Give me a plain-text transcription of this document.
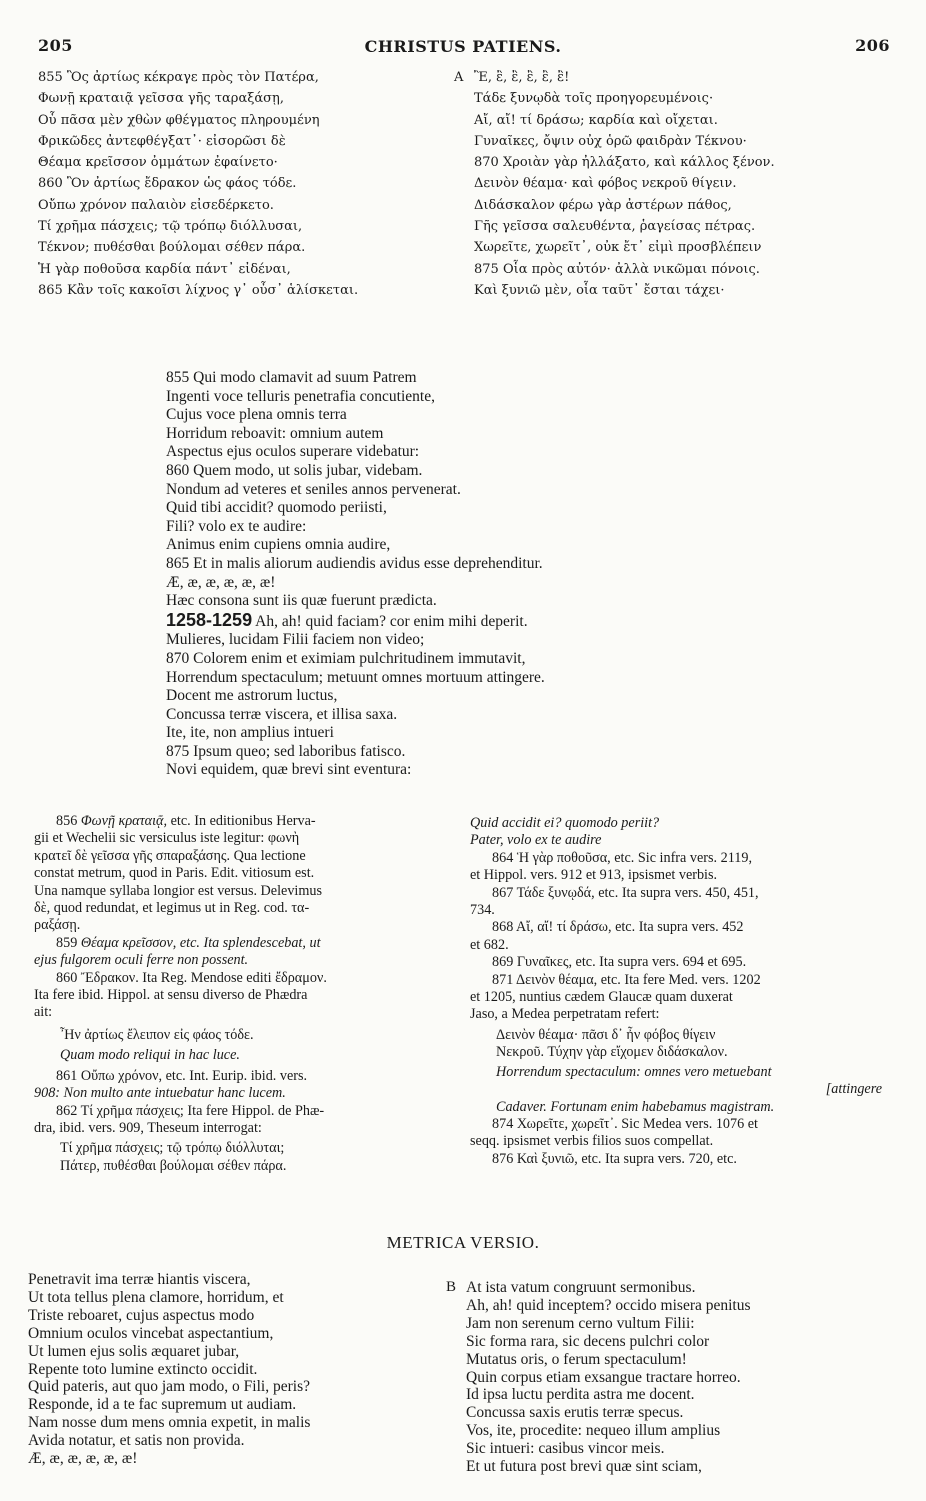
205	CHRISTUS PATIENS.	206
855 Ὃς ἀρτίως κέκραγε πρὸς τὸν Πατέρα,
Φωνῇ κραταιᾷ γεῖσσα γῆς ταραξάσῃ,
Οὗ πᾶσα μὲν χθὼν φθέγματος πληρουμένη
Φρικῶδες ἀντεφθέγξατ᾽· εἰσορῶσι δὲ
Θέαμα κρεῖσσον ὀμμάτων ἐφαίνετο·
860 Ὃν ἀρτίως ἔδρακον ὡς φάος τόδε.
Οὔπω χρόνον παλαιὸν εἰσεδέρκετο.
Τί χρῆμα πάσχεις; τῷ τρόπῳ διόλλυσαι,
Τέκνον; πυθέσθαι βούλομαι σέθεν πάρα.
Ἡ γὰρ ποθοῦσα καρδία πάντ᾽ εἰδέναι,
865 Κἂν τοῖς κακοῖσι λίχνος γ᾽ οὖσ᾽ ἁλίσκεται.
A Ἒ, ἒ, ἒ, ἒ, ἒ, ἒ!
Τάδε ξυνῳδὰ τοῖς προηγορευμένοις·
Αἴ, αἴ! τί δράσω; καρδία καὶ οἴχεται.
Γυναῖκες, ὄψιν οὐχ ὁρῶ φαιδρὰν Τέκνου·
870 Χροιὰν γὰρ ἠλλάξατο, καὶ κάλλος ξένον.
Δεινὸν θέαμα· καὶ φόβος νεκροῦ θίγειν.
Διδάσκαλον φέρω γὰρ ἀστέρων πάθος,
Γῆς γεῖσσα σαλευθέντα, ῥαγείσας πέτρας.
Χωρεῖτε, χωρεῖτ᾽, οὐκ ἔτ᾽ εἰμὶ προσβλέπειν
875 Οἷα πρὸς αὐτόν· ἀλλὰ νικῶμαι πόνοις.
Καὶ ξυνιῶ μὲν, οἷα ταῦτ᾽ ἔσται τάχει·
855 Qui modo clamavit ad suum Patrem
Ingenti voce telluris penetrafia concutiente,
Cujus voce plena omnis terra
Horridum reboavit: omnium autem
Aspectus ejus oculos superare videbatur:
860 Quem modo, ut solis jubar, videbam.
Nondum ad veteres et seniles annos pervenerat.
Quid tibi accidit? quomodo periisti,
Fili? volo ex te audire:
Animus enim cupiens omnia audire,
865 Et in malis aliorum audiendis avidus esse deprehenditur.
Æ, æ, æ, æ, æ, æ!
Hæc consona sunt iis quæ fuerunt prædicta.
1258-1259 Ah, ah! quid faciam? cor enim mihi deperit.
Mulieres, lucidam Filii faciem non video;
870 Colorem enim et eximiam pulchritudinem immutavit,
Horrendum spectaculum; metuunt omnes mortuum attingere.
Docent me astrorum luctus,
Concussa terræ viscera, et illisa saxa.
Ite, ite, non amplius intueri
875 Ipsum queo; sed laboribus fatisco.
Novi equidem, quæ brevi sint eventura:
856 Φωνῇ κραταιᾷ, etc. In editionibus Herva-
gii et Wechelii sic versiculus iste legitur: φωνὴ
κρατεῖ δὲ γεῖσσα γῆς σπαραξάσης. Qua lectione
constat metrum, quod in Paris. Edit. vitiosum est.
Una namque syllaba longior est versus. Delevimus
δὲ, quod redundat, et legimus ut in Reg. cod. τα-
ραξάσῃ.
859 Θέαμα κρεῖσσον, etc. Ita splendescebat, ut
ejus fulgorem oculi ferre non possent.
860 Ἔδρακον. Ita Reg. Mendose editi ἔδραμον.
Ita fere ibid. Hippol. at sensu diverso de Phædra
ait:
Ἦν ἀρτίως ἔλειπον εἰς φάος τόδε.
Quam modo reliqui in hac luce.
861 Οὔπω χρόνον, etc. Int. Eurip. ibid. vers.
908: Non multo ante intuebatur hanc lucem.
862 Τί χρῆμα πάσχεις; Ita fere Hippol. de Phæ-
dra, ibid. vers. 909, Theseum interrogat:
Τί χρῆμα πάσχεις; τῷ τρόπῳ διόλλυται;
Πάτερ, πυθέσθαι βούλομαι σέθεν πάρα.
Quid accidit ei? quomodo periit?
Pater, volo ex te audire
864 Ἡ γὰρ ποθοῦσα, etc. Sic infra vers. 2119,
et Hippol. vers. 912 et 913, ipsismet verbis.
867 Τάδε ξυνῳδά, etc. Ita supra vers. 450, 451,
734.
868 Αἴ, αἴ! τί δράσω, etc. Ita supra vers. 452
et 682.
869 Γυναῖκες, etc. Ita supra vers. 694 et 695.
871 Δεινὸν θέαμα, etc. Ita fere Med. vers. 1202
et 1205, nuntius cædem Glaucæ quam duxerat
Jaso, a Medea perpetratam refert:
Δεινὸν θέαμα· πᾶσι δ᾽ ἦν φόβος θίγειν
Νεκροῦ. Τύχην γὰρ εἴχομεν διδάσκαλον.
Horrendum spectaculum: omnes vero metuebant
[attingere
Cadaver. Fortunam enim habebamus magistram.
874 Χωρεῖτε, χωρεῖτ᾽. Sic Medea vers. 1076 et
seqq. ipsismet verbis filios suos compellat.
876 Καὶ ξυνιῶ, etc. Ita supra vers. 720, etc.
METRICA VERSIO.
Penetravit ima terræ hiantis viscera,
Ut tota tellus plena clamore, horridum, et
Triste reboaret, cujus aspectus modo
Omnium oculos vincebat aspectantium,
Ut lumen ejus solis æquaret jubar,
Repente toto lumine extincto occidit.
Quid pateris, aut quo jam modo, o Fili, peris?
Responde, id a te fac supremum ut audiam.
Nam nosse dum mens omnia expetit, in malis
Avida notatur, et satis non provida.
Æ, æ, æ, æ, æ, æ!
B At ista vatum congruunt sermonibus.
Ah, ah! quid inceptem? occido misera penitus
Jam non serenum cerno vultum Filii:
Sic forma rara, sic decens pulchri color
Mutatus oris, o ferum spectaculum!
Quin corpus etiam exsangue tractare horreo.
Id ipsa luctu perdita astra me docent.
Concussa saxis erutis terræ specus.
Vos, ite, procedite: nequeo illum amplius
Sic intueri: casibus vincor meis.
Et ut futura post brevi quæ sint sciam,
